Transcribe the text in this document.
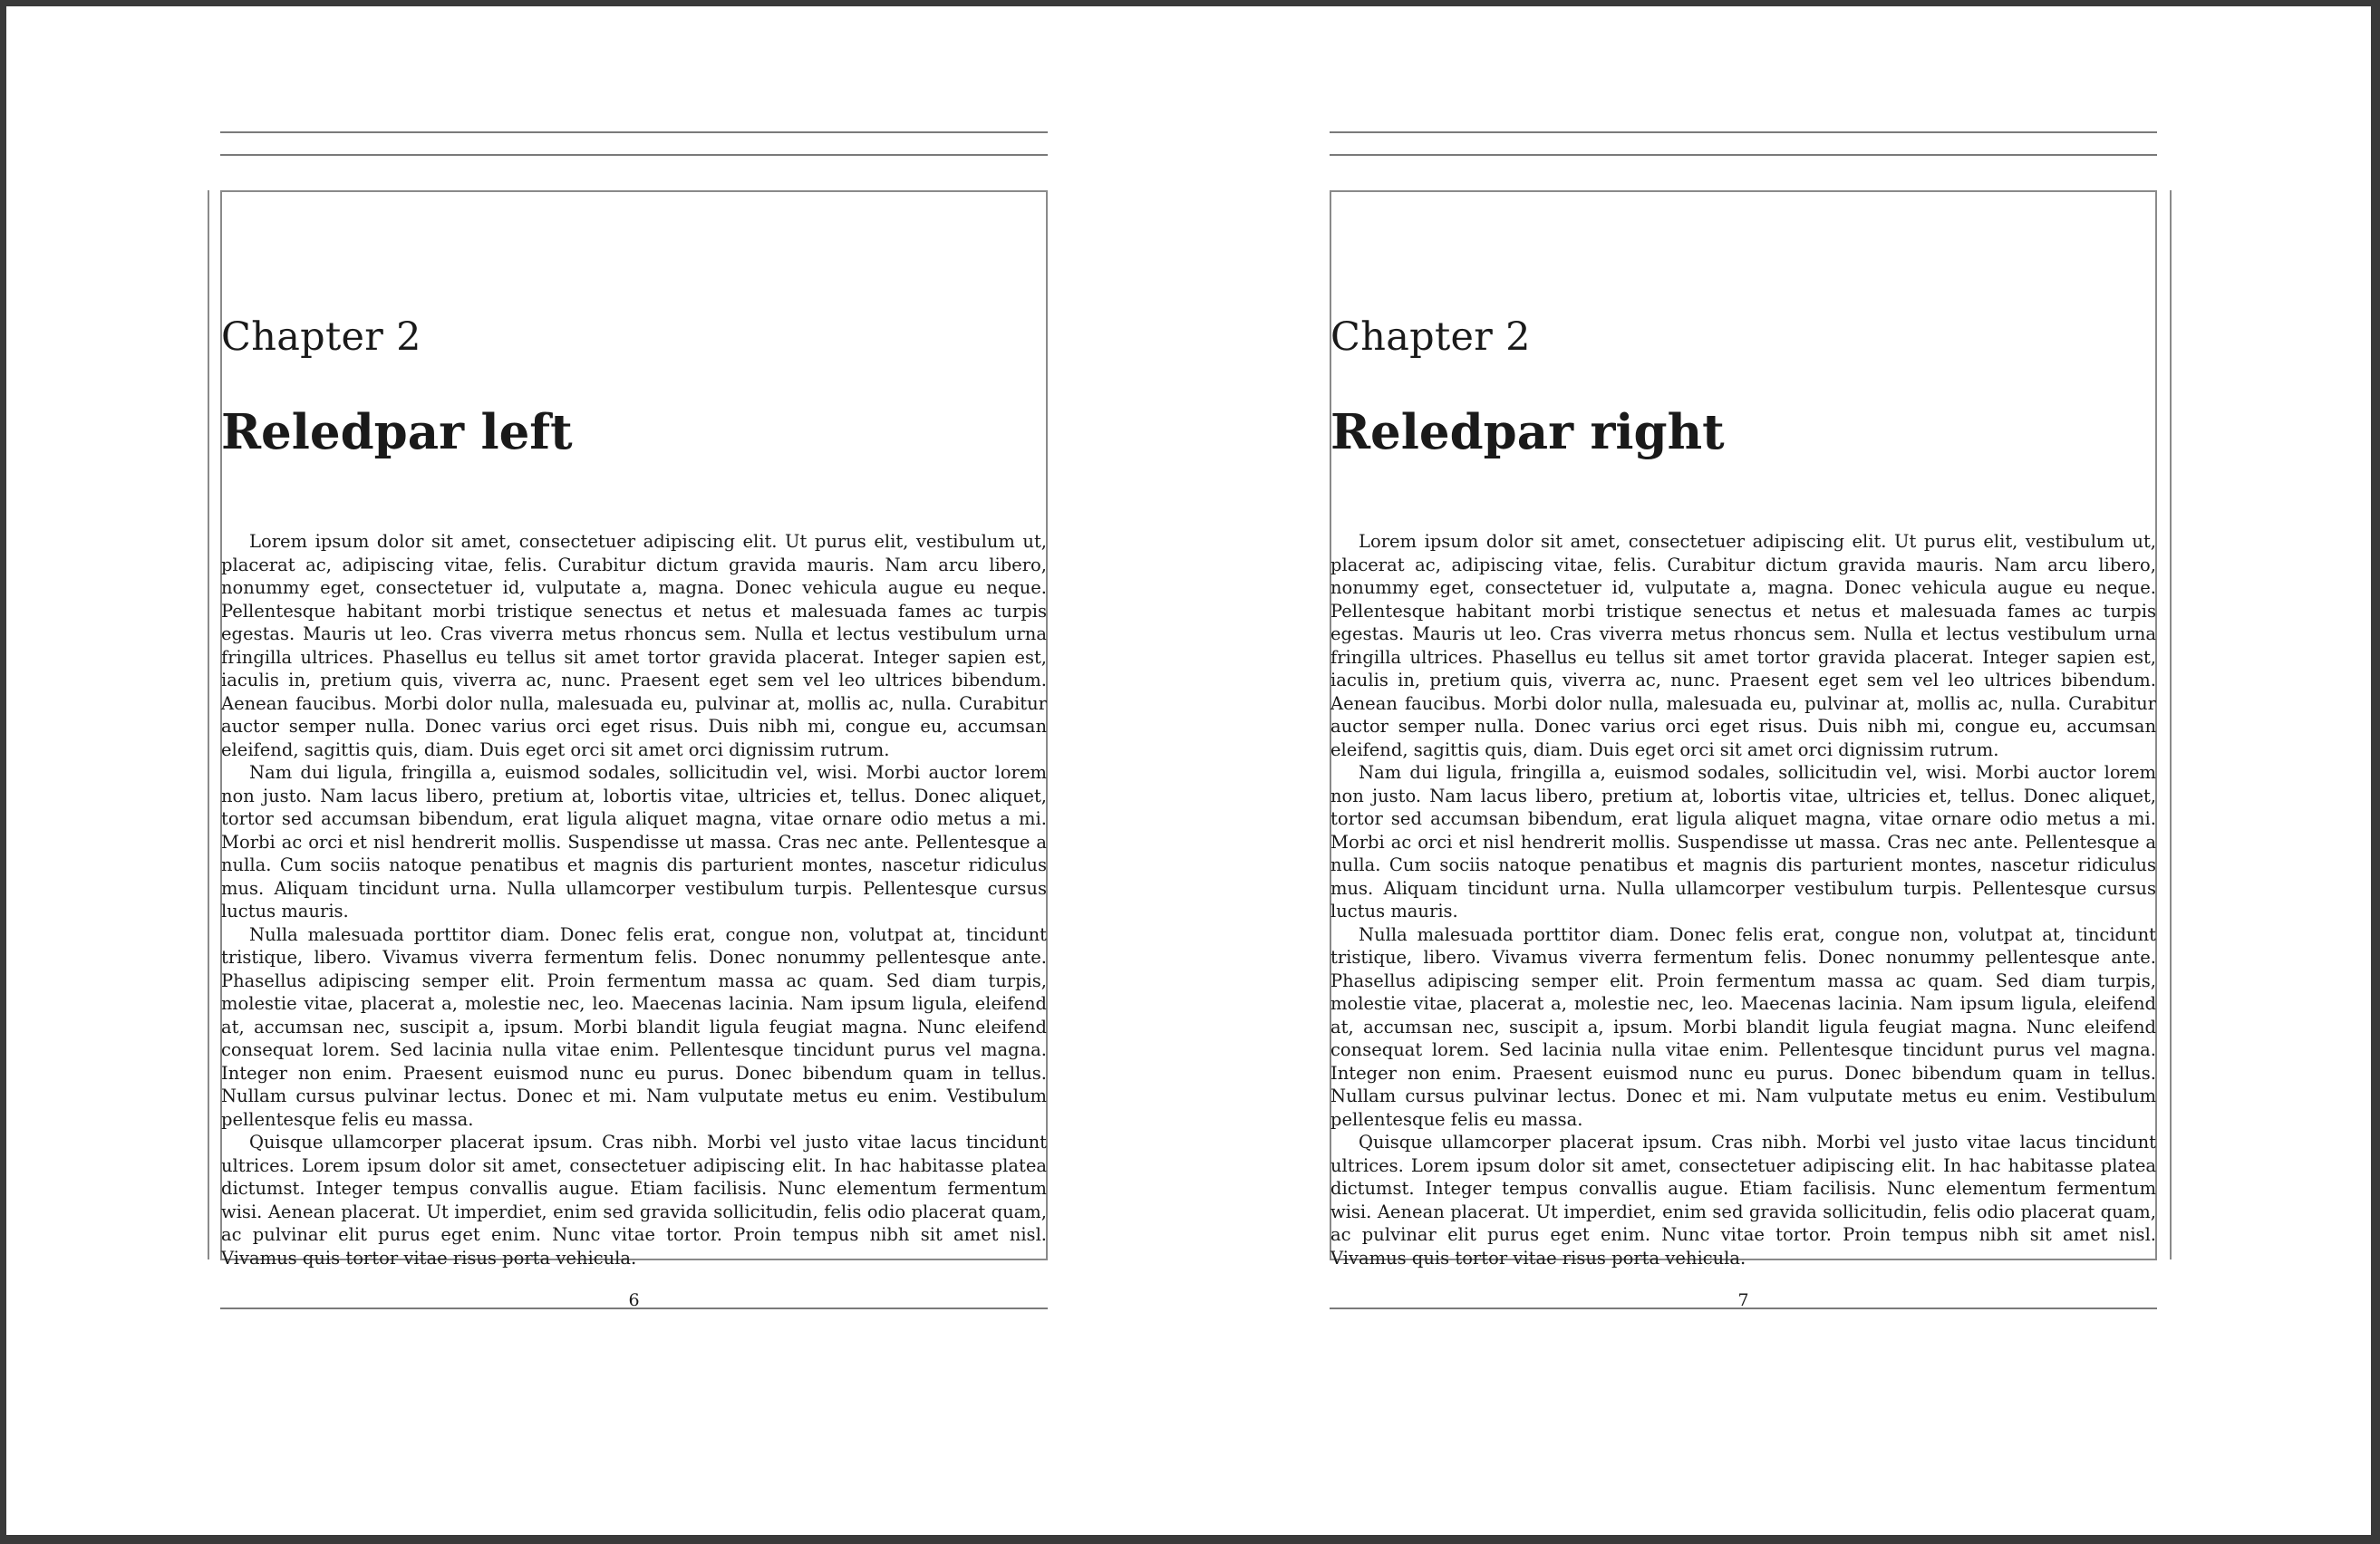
Chapter 2
Reledpar left

Lorem ipsum dolor sit amet, consectetuer adipiscing elit. Ut purus elit, vestibulum ut, placerat ac, adipiscing vitae, felis. Curabitur dictum gravida mauris. Nam arcu libero, nonummy eget, consectetuer id, vulputate a, magna. Donec vehicula augue eu neque. Pellentesque habitant morbi tristique senectus et netus et malesuada fames ac turpis egestas. Mauris ut leo. Cras viverra metus rhoncus sem. Nulla et lectus vestibulum urna fringilla ultrices. Phasellus eu tellus sit amet tortor gravida placerat. Integer sapien est, iaculis in, pretium quis, viverra ac, nunc. Praesent eget sem vel leo ultrices bibendum. Aenean faucibus. Morbi dolor nulla, malesuada eu, pulvinar at, mollis ac, nulla. Curabitur auctor semper nulla. Donec varius orci eget risus. Duis nibh mi, congue eu, accumsan eleifend, sagittis quis, diam. Duis eget orci sit amet orci dignissim rutrum.

Nam dui ligula, fringilla a, euismod sodales, sollicitudin vel, wisi. Morbi auctor lorem non justo. Nam lacus libero, pretium at, lobortis vitae, ultricies et, tellus. Donec aliquet, tortor sed accumsan bibendum, erat ligula aliquet magna, vitae ornare odio metus a mi. Morbi ac orci et nisl hendrerit mollis. Suspendisse ut massa. Cras nec ante. Pellentesque a nulla. Cum sociis natoque penatibus et magnis dis parturient montes, nascetur ridiculus mus. Aliquam tincidunt urna. Nulla ullamcorper vestibulum turpis. Pellentesque cursus luctus mauris.

Nulla malesuada porttitor diam. Donec felis erat, congue non, volutpat at, tincidunt tristique, libero. Vivamus viverra fermentum felis. Donec nonummy pellentesque ante. Phasellus adipiscing semper elit. Proin fermentum massa ac quam. Sed diam turpis, molestie vitae, placerat a, molestie nec, leo. Maecenas lacinia. Nam ipsum ligula, eleifend at, accumsan nec, suscipit a, ipsum. Morbi blandit ligula feugiat magna. Nunc eleifend consequat lorem. Sed lacinia nulla vitae enim. Pellentesque tincidunt purus vel magna. Integer non enim. Praesent euismod nunc eu purus. Donec bibendum quam in tellus. Nullam cursus pulvinar lectus. Donec et mi. Nam vulputate metus eu enim. Vestibulum pellentesque felis eu massa.

Quisque ullamcorper placerat ipsum. Cras nibh. Morbi vel justo vitae lacus tincidunt ultrices. Lorem ipsum dolor sit amet, consectetuer adipiscing elit. In hac habitasse platea dictumst. Integer tempus convallis augue. Etiam facilisis. Nunc elementum fermentum wisi. Aenean placerat. Ut imperdiet, enim sed gravida sollicitudin, felis odio placerat quam, ac pulvinar elit purus eget enim. Nunc vitae tortor. Proin tempus nibh sit amet nisl. Vivamus quis tortor vitae risus porta vehicula.

6
Chapter 2
Reledpar right

Lorem ipsum dolor sit amet, consectetuer adipiscing elit. Ut purus elit, vestibulum ut, placerat ac, adipiscing vitae, felis. Curabitur dictum gravida mauris. Nam arcu libero, nonummy eget, consectetuer id, vulputate a, magna. Donec vehicula augue eu neque. Pellentesque habitant morbi tristique senectus et netus et malesuada fames ac turpis egestas. Mauris ut leo. Cras viverra metus rhoncus sem. Nulla et lectus vestibulum urna fringilla ultrices. Phasellus eu tellus sit amet tortor gravida placerat. Integer sapien est, iaculis in, pretium quis, viverra ac, nunc. Praesent eget sem vel leo ultrices bibendum. Aenean faucibus. Morbi dolor nulla, malesuada eu, pulvinar at, mollis ac, nulla. Curabitur auctor semper nulla. Donec varius orci eget risus. Duis nibh mi, congue eu, accumsan eleifend, sagittis quis, diam. Duis eget orci sit amet orci dignissim rutrum.

Nam dui ligula, fringilla a, euismod sodales, sollicitudin vel, wisi. Morbi auctor lorem non justo. Nam lacus libero, pretium at, lobortis vitae, ultricies et, tellus. Donec aliquet, tortor sed accumsan bibendum, erat ligula aliquet magna, vitae ornare odio metus a mi. Morbi ac orci et nisl hendrerit mollis. Suspendisse ut massa. Cras nec ante. Pellentesque a nulla. Cum sociis natoque penatibus et magnis dis parturient montes, nascetur ridiculus mus. Aliquam tincidunt urna. Nulla ullamcorper vestibulum turpis. Pellentesque cursus luctus mauris.

Nulla malesuada porttitor diam. Donec felis erat, congue non, volutpat at, tincidunt tristique, libero. Vivamus viverra fermentum felis. Donec nonummy pellentesque ante. Phasellus adipiscing semper elit. Proin fermentum massa ac quam. Sed diam turpis, molestie vitae, placerat a, molestie nec, leo. Maecenas lacinia. Nam ipsum ligula, eleifend at, accumsan nec, suscipit a, ipsum. Morbi blandit ligula feugiat magna. Nunc eleifend consequat lorem. Sed lacinia nulla vitae enim. Pellentesque tincidunt purus vel magna. Integer non enim. Praesent euismod nunc eu purus. Donec bibendum quam in tellus. Nullam cursus pulvinar lectus. Donec et mi. Nam vulputate metus eu enim. Vestibulum pellentesque felis eu massa.

Quisque ullamcorper placerat ipsum. Cras nibh. Morbi vel justo vitae lacus tincidunt ultrices. Lorem ipsum dolor sit amet, consectetuer adipiscing elit. In hac habitasse platea dictumst. Integer tempus convallis augue. Etiam facilisis. Nunc elementum fermentum wisi. Aenean placerat. Ut imperdiet, enim sed gravida sollicitudin, felis odio placerat quam, ac pulvinar elit purus eget enim. Nunc vitae tortor. Proin tempus nibh sit amet nisl. Vivamus quis tortor vitae risus porta vehicula.

7
